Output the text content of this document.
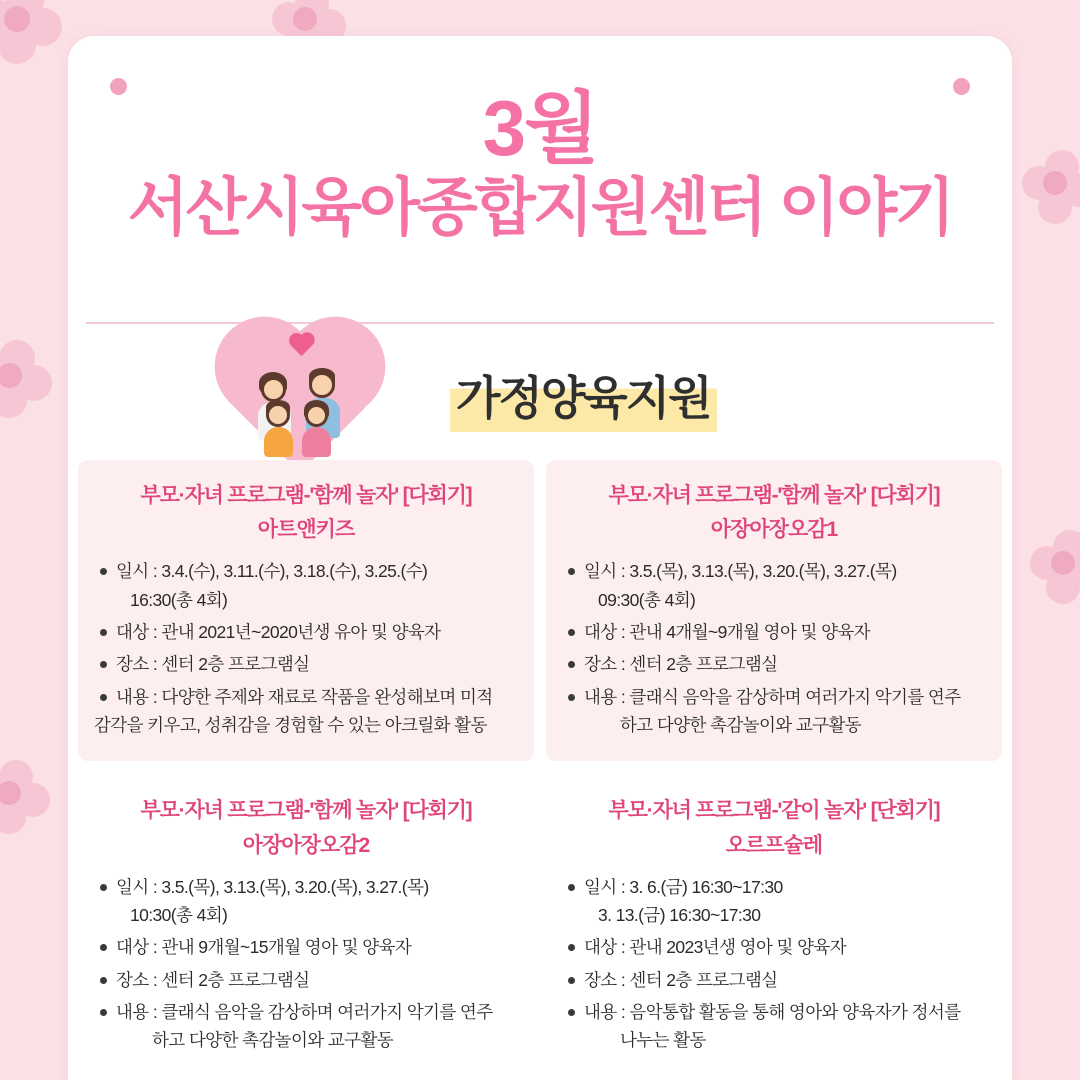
3월
서산시육아종합지원센터 이야기
가정양육지원
부모·자녀 프로그램-'함께 놀자' [다회기]
아트앤키즈
일시 : 3.4.(수), 3.11.(수), 3.18.(수), 3.25.(수)
16:30(총 4회)
대상 : 관내 2021년~2020년생 유아 및 양육자
장소 : 센터 2층 프로그램실
내용 : 다양한 주제와 재료로 작품을 완성해보며 미적
감각을 키우고, 성취감을 경험할 수 있는 아크릴화 활동
부모·자녀 프로그램-'함께 놀자' [다회기]
아장아장오감1
일시 : 3.5.(목), 3.13.(목), 3.20.(목), 3.27.(목)
09:30(총 4회)
대상 : 관내 4개월~9개월 영아 및 양육자
장소 : 센터 2층 프로그램실
내용 : 클래식 음악을 감상하며 여러가지 악기를 연주
하고 다양한 촉감놀이와 교구활동
부모·자녀 프로그램-'함께 놀자' [다회기]
아장아장오감2
일시 : 3.5.(목), 3.13.(목), 3.20.(목), 3.27.(목)
10:30(총 4회)
대상 : 관내 9개월~15개월 영아 및 양육자
장소 : 센터 2층 프로그램실
내용 : 클래식 음악을 감상하며 여러가지 악기를 연주
하고 다양한 촉감놀이와 교구활동
부모·자녀 프로그램-'같이 놀자' [단회기]
오르프슐레
일시 : 3. 6.(금) 16:30~17:30
3. 13.(금) 16:30~17:30
대상 : 관내 2023년생 영아 및 양육자
장소 : 센터 2층 프로그램실
내용 : 음악통합 활동을 통해 영아와 양육자가 정서를
나누는 활동
